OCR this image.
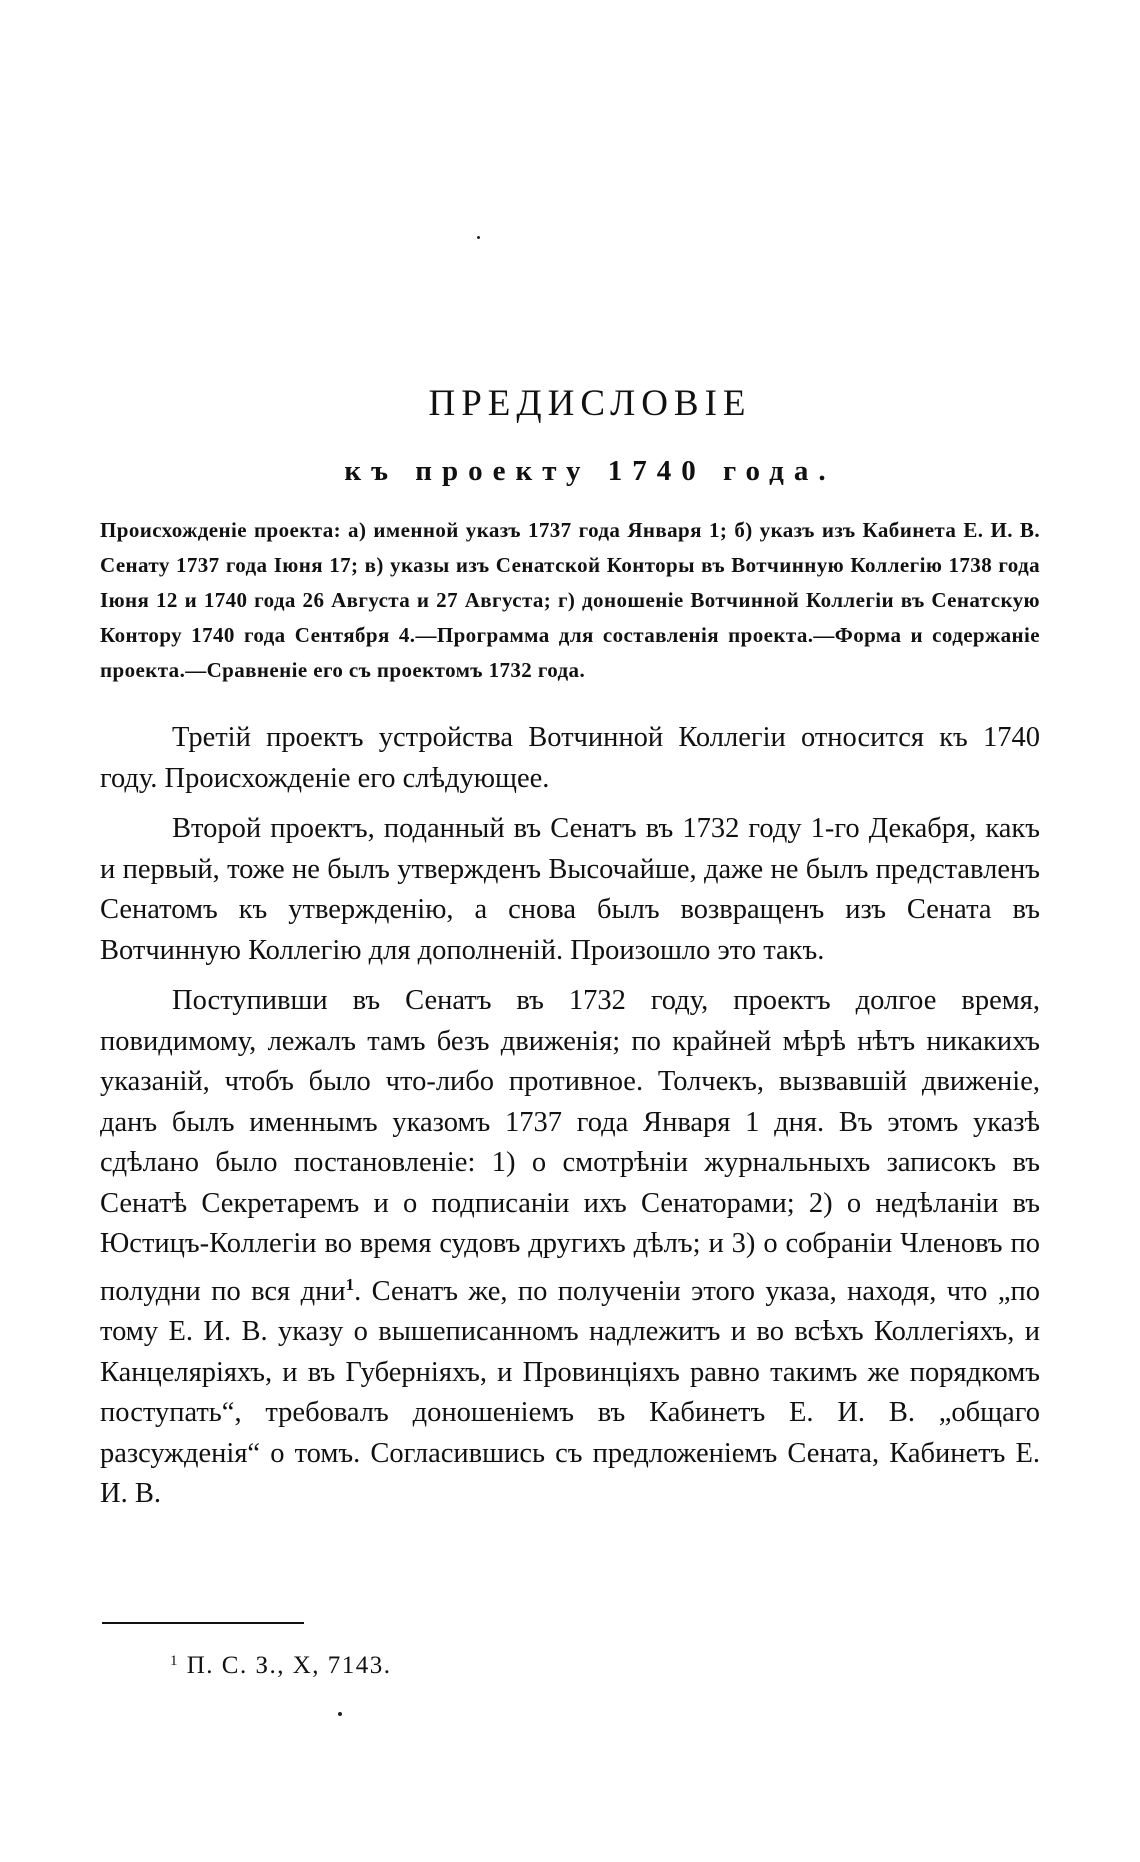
ПРЕДИСЛОВІЕ
къ проекту 1740 года.
Происхожденіе проекта: а) именной указъ 1737 года Января 1; б) указъ изъ Кабинета Е. И. В. Сенату 1737 года Іюня 17; в) указы изъ Сенатской Конторы въ Вотчинную Коллегію 1738 года Іюня 12 и 1740 года 26 Августа и 27 Августа; г) доношеніе Вотчинной Коллегіи въ Сенатскую Контору 1740 года Сентября 4.—Программа для составленія проекта.—Форма и содержаніе проекта.—Сравненіе его съ проектомъ 1732 года.

Третій проектъ устройства Вотчинной Коллегіи относится къ 1740 году. Происхожденіе его слѣдующее.

Второй проектъ, поданный въ Сенатъ въ 1732 году 1-го Декабря, какъ и первый, тоже не былъ утвержденъ Высочайше, даже не былъ представленъ Сенатомъ къ утвержденію, а снова былъ возвращенъ изъ Сената въ Вотчинную Коллегію для дополненій. Произошло это такъ.

Поступивши въ Сенатъ въ 1732 году, проектъ долгое время, повидимому, лежалъ тамъ безъ движенія; по крайней мѣрѣ нѣтъ никакихъ указаній, чтобъ было что-либо противное. Толчекъ, вызвавшій движеніе, данъ былъ именнымъ указомъ 1737 года Января 1 дня. Въ этомъ указѣ сдѣлано было постановленіе: 1) о смотрѣніи журнальныхъ записокъ въ Сенатѣ Секретаремъ и о подписаніи ихъ Сенаторами; 2) о недѣланіи въ Юстицъ-Коллегіи во время судовъ другихъ дѣлъ; и 3) о собраніи Членовъ по полудни по вся дни$^1$. Сенатъ же, по полученіи этого указа, находя, что „по тому Е. И. В. указу о вышеписанномъ надлежитъ и во всѣхъ Коллегіяхъ, и Канцеляріяхъ, и въ Губерніяхъ, и Провинціяхъ равно такимъ же порядкомъ поступать“, требовалъ доношеніемъ въ Кабинетъ Е. И. В. „общаго разсужденія“ о томъ. Согласившись съ предложеніемъ Сената, Кабинетъ Е. И. В.

$^1$ П. С. З., X, 7143.
